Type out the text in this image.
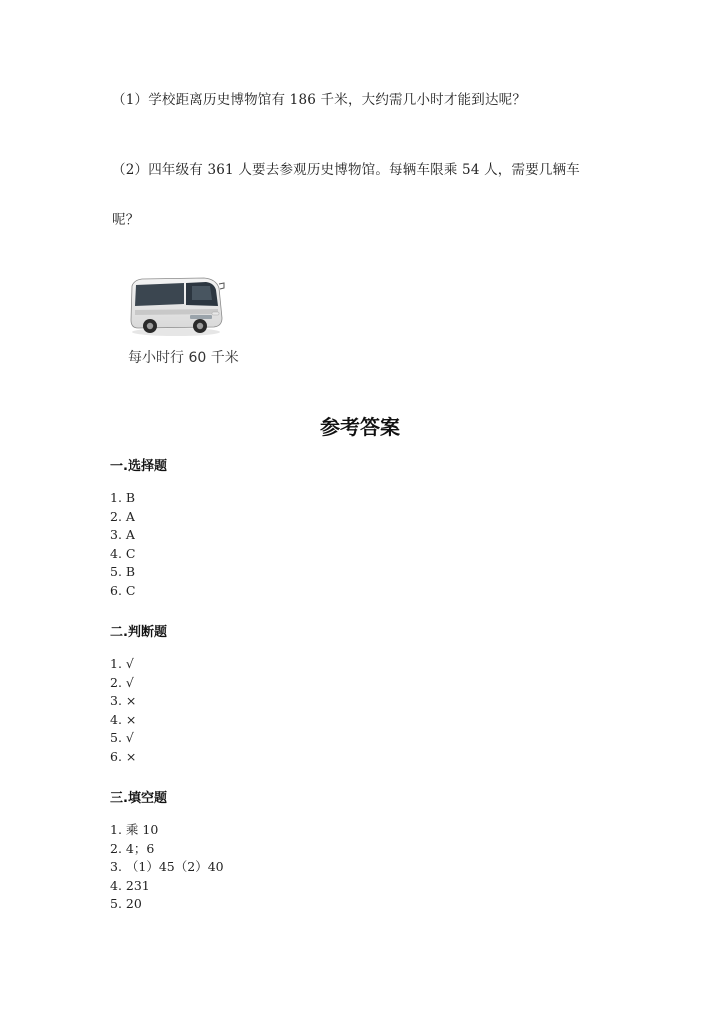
（1）学校距离历史博物馆有 186 千米，大约需几小时才能到达呢？
（2）四年级有 361 人要去参观历史博物馆。每辆车限乘 54 人，需要几辆车
呢？
每小时行 60 千米
参考答案
一.选择题
1. B
2. A
3. A
4. C
5. B
6. C
二.判断题
1. √
2. √
3. ×
4. ×
5. √
6. ×
三.填空题
1. 乘 10
2. 4；6
3. （1）45（2）40
4. 231
5. 20
